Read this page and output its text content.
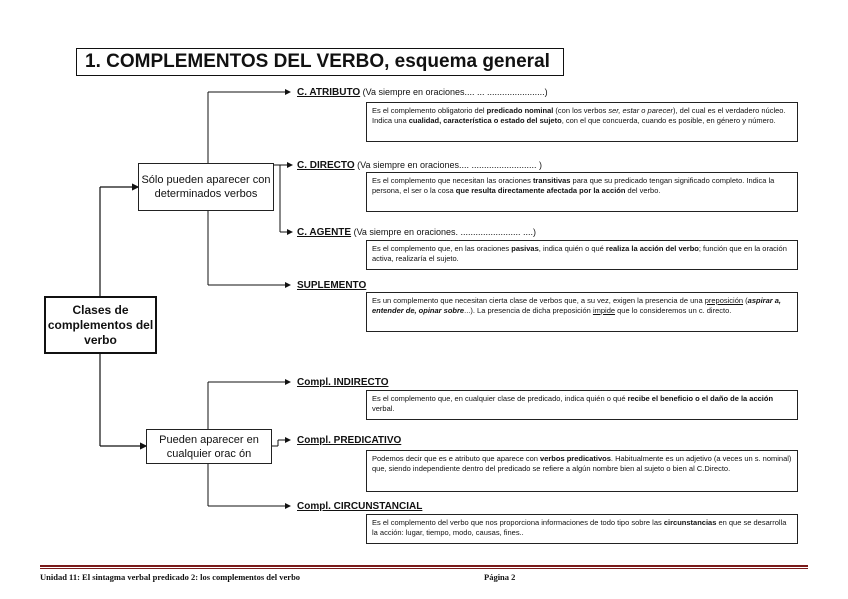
1. COMPLEMENTOS DEL VERBO, esquema general
Clases de complementos del verbo
Sólo pueden aparecer con determinados verbos
Pueden aparecer en cualquier orac ón
C. ATRIBUTO (Va siempre en oraciones.... ... .......................)
C. DIRECTO (Va siempre en oraciones.... .......................... )
C. AGENTE (Va siempre en oraciones. ........................ ....)
SUPLEMENTO
Compl. INDIRECTO
Compl. PREDICATIVO
Compl. CIRCUNSTANCIAL
Es el complemento obligatorio del predicado nominal (con los verbos ser, estar o parecer), del cual es el verdadero núcleo. Indica una cualidad, característica o estado del sujeto, con el que concuerda, cuando es posible, en género y número.
Es el complemento que necesitan las oraciones transitivas para que su predicado tengan significado completo. Indica la persona, el ser o la cosa que resulta directamente afectada por la acción del verbo.
Es el complemento que, en las oraciones pasivas, indica quién o qué realiza la acción del verbo; función que en la oración activa, realizaría el sujeto.
Es un complemento que necesitan cierta clase de verbos que, a su vez, exigen la presencia de una preposición (aspirar a, entender de, opinar sobre...). La presencia de dicha preposición impide que lo consideremos un c. directo.
Es el complemento que, en cualquier clase de predicado, indica quién o qué recibe el beneficio o el daño de la acción verbal.
Podemos decir que es e atributo que aparece con verbos predicativos. Habitualmente es un adjetivo (a veces un s. nominal) que, siendo independiente dentro del predicado se refiere a algún nombre bien al sujeto o bien al C.Directo.
Es el complemento del verbo que nos proporciona informaciones de todo tipo sobre las circunstancias en que se desarrolla la acción: lugar, tiempo, modo, causas, fines..
Unidad 11: El sintagma verbal predicado 2: los complementos del verbo	Página 2
